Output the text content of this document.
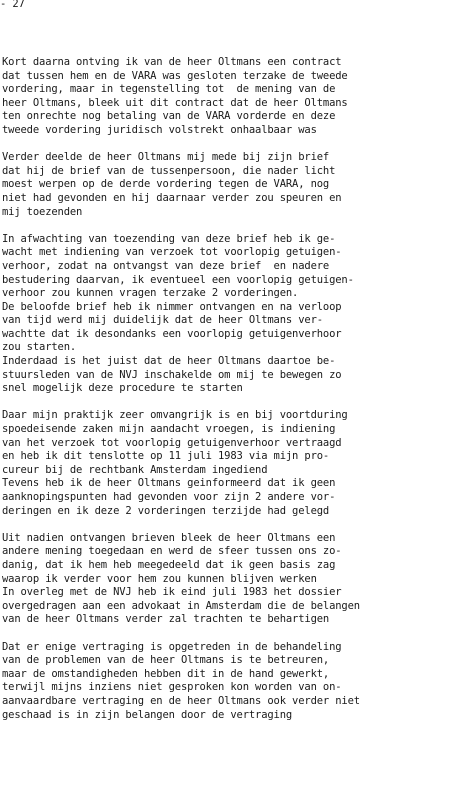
- 27
Kort daarna ontving ik van de heer Oltmans een contract
dat tussen hem en de VARA was gesloten terzake de tweede
vordering, maar in tegenstelling tot  de mening van de
heer Oltmans, bleek uit dit contract dat de heer Oltmans
ten onrechte nog betaling van de VARA vorderde en deze
tweede vordering juridisch volstrekt onhaalbaar was
Verder deelde de heer Oltmans mij mede bij zijn brief
dat hij de brief van de tussenpersoon, die nader licht
moest werpen op de derde vordering tegen de VARA, nog
niet had gevonden en hij daarnaar verder zou speuren en
mij toezenden
In afwachting van toezending van deze brief heb ik ge-
wacht met indiening van verzoek tot voorlopig getuigen-
verhoor, zodat na ontvangst van deze brief  en nadere
bestudering daarvan, ik eventueel een voorlopig getuigen-
verhoor zou kunnen vragen terzake 2 vorderingen.
De beloofde brief heb ik nimmer ontvangen en na verloop
van tijd werd mij duidelijk dat de heer Oltmans ver-
wachtte dat ik desondanks een voorlopig getuigenverhoor
zou starten.
Inderdaad is het juist dat de heer Oltmans daartoe be-
stuursleden van de NVJ inschakelde om mij te bewegen zo
snel mogelijk deze procedure te starten
Daar mijn praktijk zeer omvangrijk is en bij voortduring
spoedeisende zaken mijn aandacht vroegen, is indiening
van het verzoek tot voorlopig getuigenverhoor vertraagd
en heb ik dit tenslotte op 11 juli 1983 via mijn pro-
cureur bij de rechtbank Amsterdam ingediend
Tevens heb ik de heer Oltmans geinformeerd dat ik geen
aanknopingspunten had gevonden voor zijn 2 andere vor-
deringen en ik deze 2 vorderingen terzijde had gelegd
Uit nadien ontvangen brieven bleek de heer Oltmans een
andere mening toegedaan en werd de sfeer tussen ons zo-
danig, dat ik hem heb meegedeeld dat ik geen basis zag
waarop ik verder voor hem zou kunnen blijven werken
In overleg met de NVJ heb ik eind juli 1983 het dossier
overgedragen aan een advokaat in Amsterdam die de belangen
van de heer Oltmans verder zal trachten te behartigen
Dat er enige vertraging is opgetreden in de behandeling
van de problemen van de heer Oltmans is te betreuren,
maar de omstandigheden hebben dit in de hand gewerkt,
terwijl mijns inziens niet gesproken kon worden van on-
aanvaardbare vertraging en de heer Oltmans ook verder niet
geschaad is in zijn belangen door de vertraging
